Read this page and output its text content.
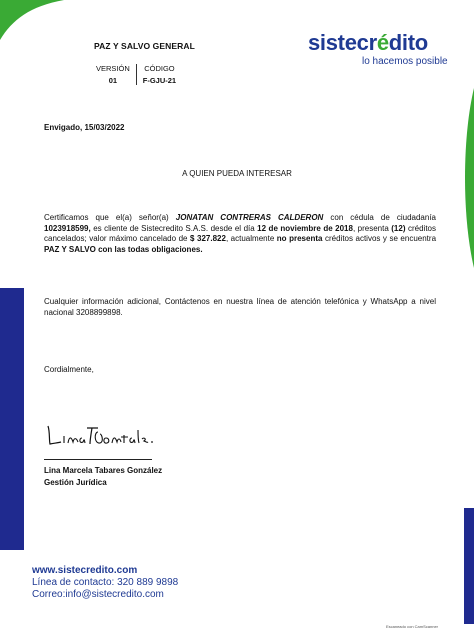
PAZ Y SALVO GENERAL
VERSIÓN
01
CÓDIGO
F-GJU-21
sistecrédito
lo hacemos posible
Envigado, 15/03/2022
A QUIEN PUEDA INTERESAR
Certificamos que el(a) señor(a) JONATAN CONTRERAS CALDERON con cédula de ciudadanía 1023918599, es cliente de Sistecredito S.A.S. desde el día 12 de noviembre de 2018, presenta (12) créditos cancelados; valor máximo cancelado de $ 327.822, actualmente no presenta créditos activos y se encuentra PAZ Y SALVO con las todas obligaciones.
Cualquier información adicional, Contáctenos en nuestra línea de atención telefónica y WhatsApp a nivel nacional 3208899898.
Cordialmente,
Lina Marcela Tabares González
Gestión Jurídica
www.sistecredito.com
Línea de contacto: 320 889 9898
Correo:info@sistecredito.com
Escaneado con CamScanner
